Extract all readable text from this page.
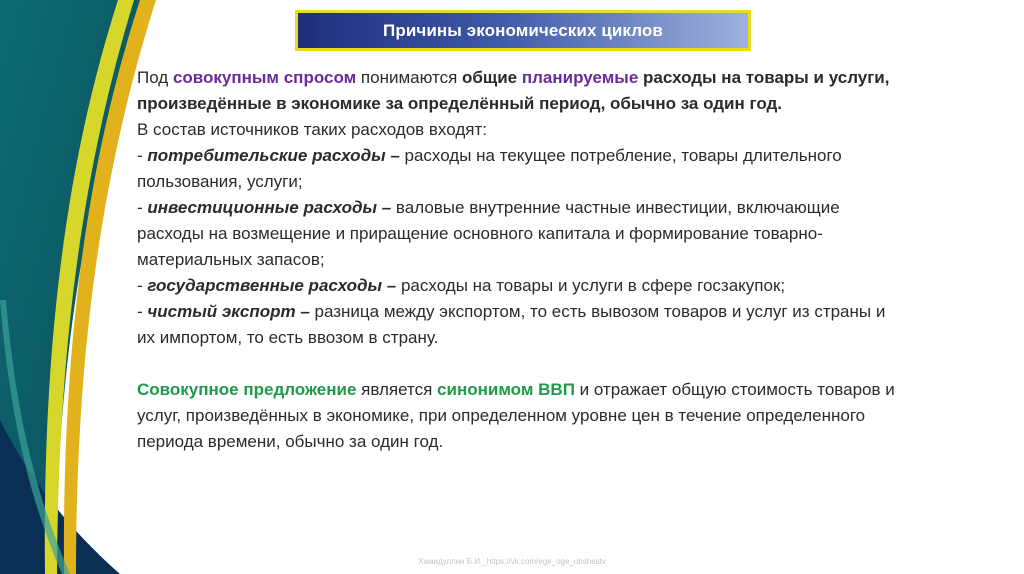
Причины экономических циклов

Под совокупным спросом понимаются общие планируемые расходы на товары и услуги, произведённые в экономике за определённый период, обычно за один год.

В состав источников таких расходов входят:

- потребительские расходы – расходы на текущее потребление, товары длительного пользования, услуги;

- инвестиционные расходы – валовые внутренние частные инвестиции, включающие расходы на возмещение и приращение основного капитала и формирование товарно-материальных запасов;

- государственные расходы – расходы на товары и услуги в сфере госзакупок;

- чистый экспорт – разница между экспортом, то есть вывозом товаров и услуг из страны и их импортом, то есть ввозом в страну.

Совокупное предложение является синонимом ВВП и отражает общую стоимость товаров и услуг, произведённых в экономике, при определенном уровне цен в течение определенного периода времени, обычно за один год.

Хамидуллин Б.И._https://vk.com/ege_oge_obshestv
